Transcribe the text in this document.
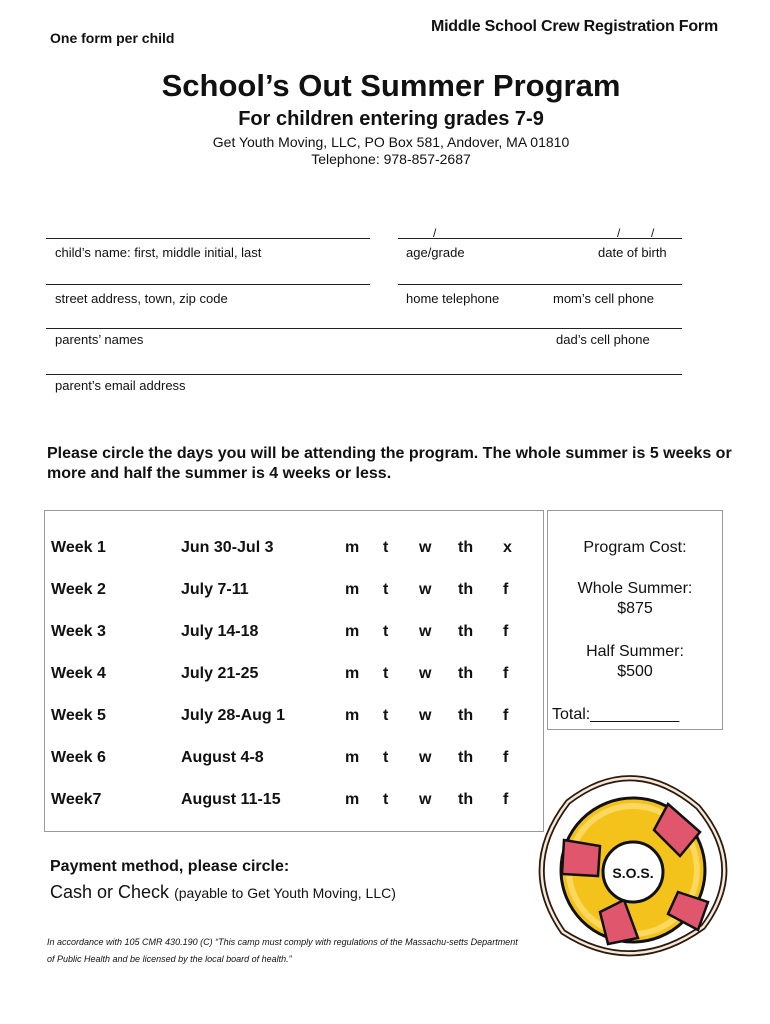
One form per child
Middle School Crew Registration Form
School’s Out Summer Program
For children entering grades 7-9
Get Youth Moving, LLC, PO Box 581, Andover, MA 01810
Telephone: 978-857-2687
/	/	/
child’s name: first, middle initial, last	age/grade	date of birth
street address, town, zip code	home telephone	mom’s cell phone
parents’ names	dad’s cell phone
parent’s email address
Please circle the days you will be attending the program. The whole summer is 5 weeks or more and half the summer is 4 weeks or less.
Week 1	Jun 30-Jul 3	m t w th x
Week 2	July 7-11	m t w th f
Week 3	July 14-18	m t w th f
Week 4	July 21-25	m t w th f
Week 5	July 28-Aug 1	m t w th f
Week 6	August 4-8	m t w th f
Week7	August 11-15	m t w th f
Program Cost:
Whole Summer:
$875
Half Summer:
$500
Total:__________
Payment method, please circle:
Cash or Check (payable to Get Youth Moving, LLC)
In accordance with 105 CMR 430.190 (C) “This camp must comply with regulations of the Massachu-setts Department of Public Health and be licensed by the local board of health.”
S.O.S.
